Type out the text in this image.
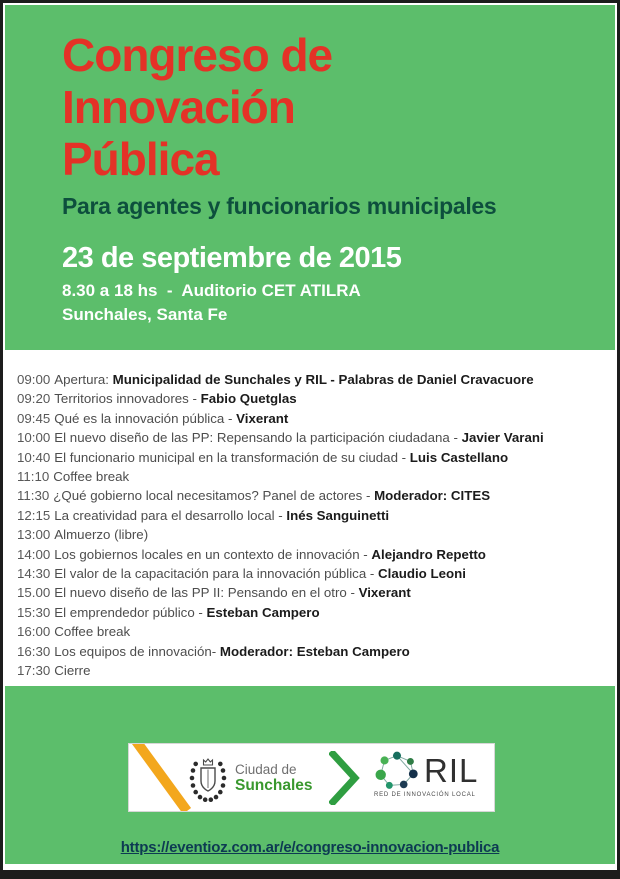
Congreso de
Innovación
Pública
Para agentes y funcionarios municipales
23 de septiembre de 2015
8.30 a 18 hs  -  Auditorio CET ATILRA
Sunchales, Santa Fe
09:00 Apertura: Municipalidad de Sunchales y RIL - Palabras de Daniel Cravacuore
09:20 Territorios innovadores - Fabio Quetglas
09:45 Qué es la innovación pública - Vixerant
10:00 El nuevo diseño de las PP: Repensando la participación ciudadana - Javier Varani
10:40 El funcionario municipal en la transformación de su ciudad - Luis Castellano
11:10 Coffee break
11:30 ¿Qué gobierno local necesitamos? Panel de actores - Moderador: CITES
12:15 La creatividad para el desarrollo local - Inés Sanguinetti
13:00 Almuerzo (libre)
14:00 Los gobiernos locales en un contexto de innovación - Alejandro Repetto
14:30 El valor de la capacitación para la innovación pública - Claudio Leoni
15.00 El nuevo diseño de las PP II: Pensando en el otro - Vixerant
15:30 El emprendedor público - Esteban Campero
16:00 Coffee break
16:30 Los equipos de innovación- Moderador: Esteban Campero
17:30 Cierre
Ciudad de
Sunchales	RIL
RED DE INNOVACIÓN LOCAL
https://eventioz.com.ar/e/congreso-innovacion-publica
